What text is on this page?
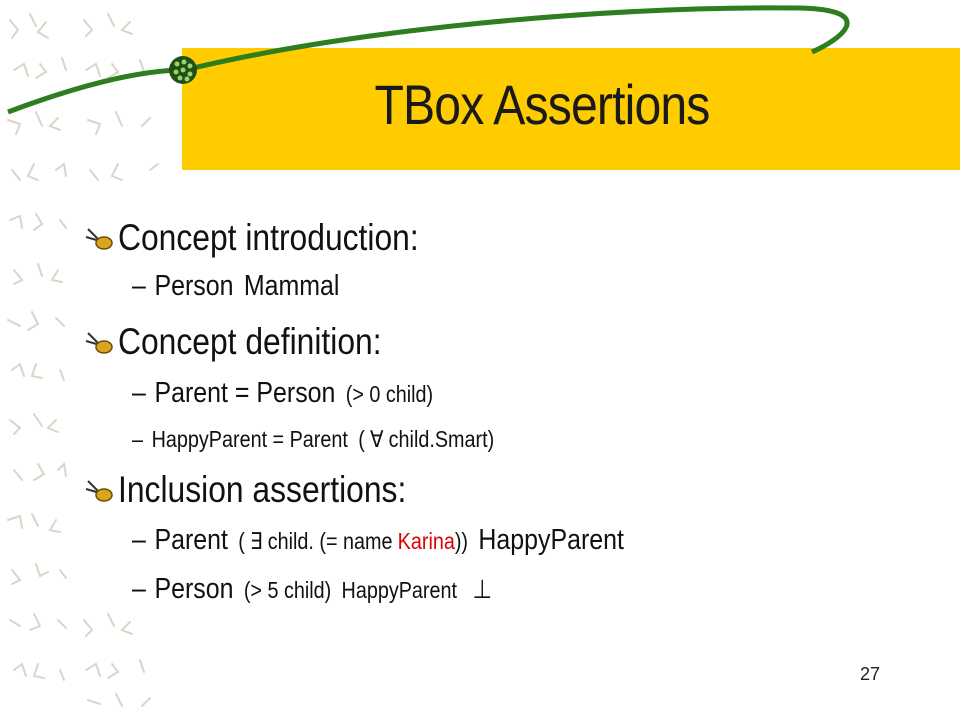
TBox Assertions
Concept introduction:
– Person Mammal
Concept definition:
– Parent = Person (> 0 child)
– HappyParent = Parent ( ∀ child.Smart)
Inclusion assertions:
– Parent ( ∃ child. (= name Karina )) HappyParent
– Person (> 5 child) HappyParent ⊥
27
